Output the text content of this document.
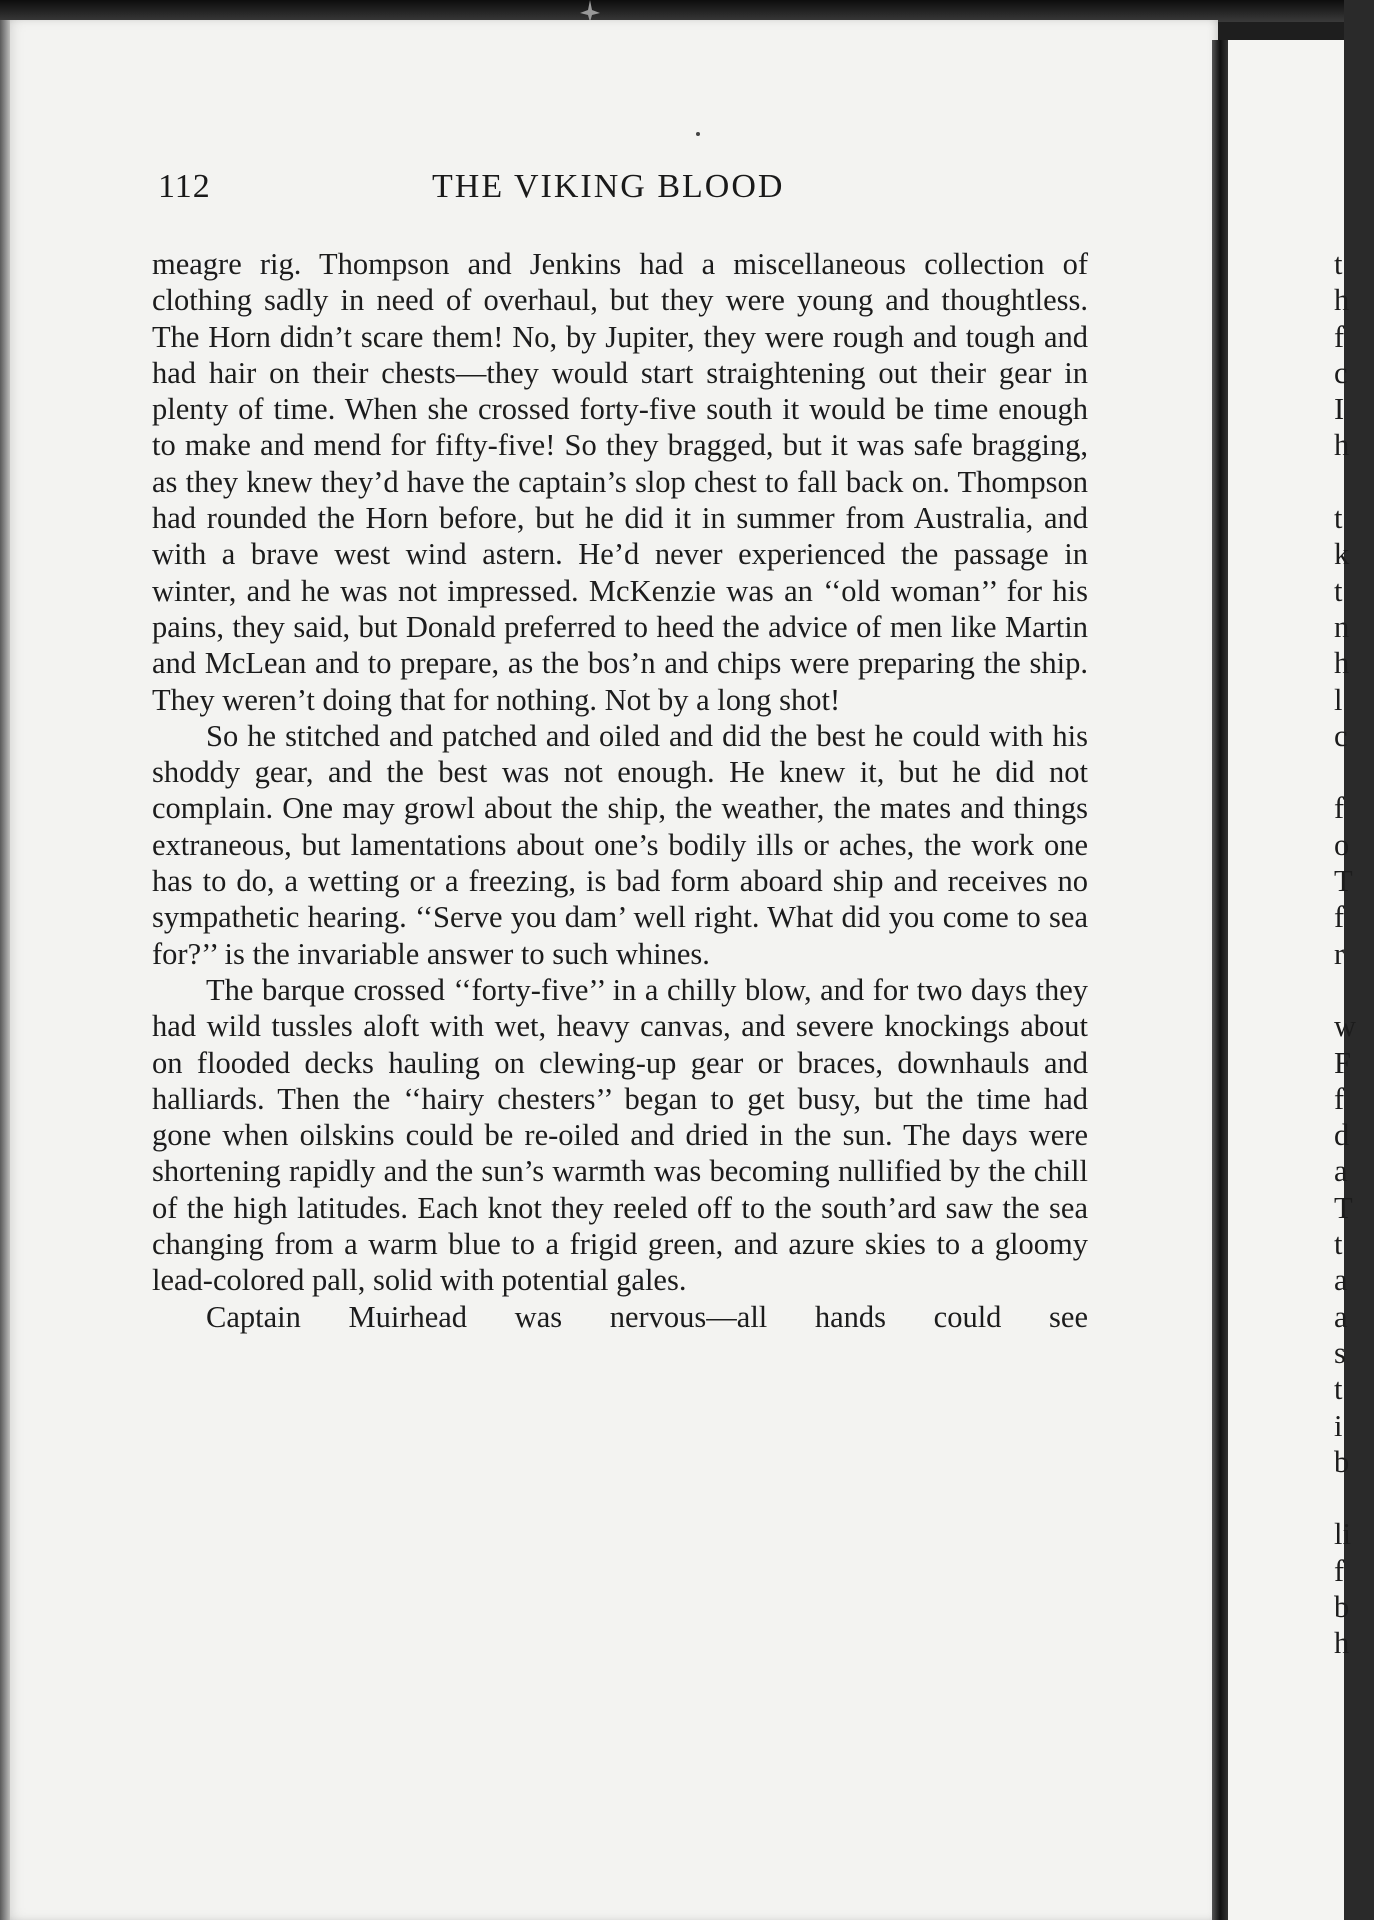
112	THE VIKING BLOOD

meagre rig. Thompson and Jenkins had a miscellaneous collection of clothing sadly in need of overhaul, but they were young and thoughtless. The Horn didn’t scare them! No, by Jupiter, they were rough and tough and had hair on their chests—they would start straightening out their gear in plenty of time. When she crossed forty-five south it would be time enough to make and mend for fifty-five! So they bragged, but it was safe bragging, as they knew they’d have the captain’s slop chest to fall back on. Thompson had rounded the Horn before, but he did it in summer from Australia, and with a brave west wind astern. He’d never experienced the passage in winter, and he was not impressed. McKenzie was an ‘‘old woman’’ for his pains, they said, but Donald preferred to heed the advice of men like Martin and McLean and to prepare, as the bos’n and chips were preparing the ship. They weren’t doing that for nothing. Not by a long shot!

So he stitched and patched and oiled and did the best he could with his shoddy gear, and the best was not enough. He knew it, but he did not complain. One may growl about the ship, the weather, the mates and things extraneous, but lamentations about one’s bodily ills or aches, the work one has to do, a wetting or a freezing, is bad form aboard ship and receives no sympathetic hearing. ‘‘Serve you dam’ well right. What did you come to sea for?’’ is the invariable answer to such whines.

The barque crossed ‘‘forty-five’’ in a chilly blow, and for two days they had wild tussles aloft with wet, heavy canvas, and severe knockings about on flooded decks hauling on clewing-up gear or braces, downhauls and halliards. Then the ‘‘hairy chesters’’ began to get busy, but the time had gone when oilskins could be re-oiled and dried in the sun. The days were shortening rapidly and the sun’s warmth was becoming nullified by the chill of the high latitudes. Each knot they reeled off to the south’ard saw the sea changing from a warm blue to a frigid green, and azure skies to a gloomy lead-colored pall, solid with potential gales.

Captain Muirhead was nervous—all hands could see

t
h
f
c
I
h
t
k
t
n
h
l
c
f
o
T
f
r
w
F
f
d
a
T
t
a
a
s
t
i
b
li
f
b
h
